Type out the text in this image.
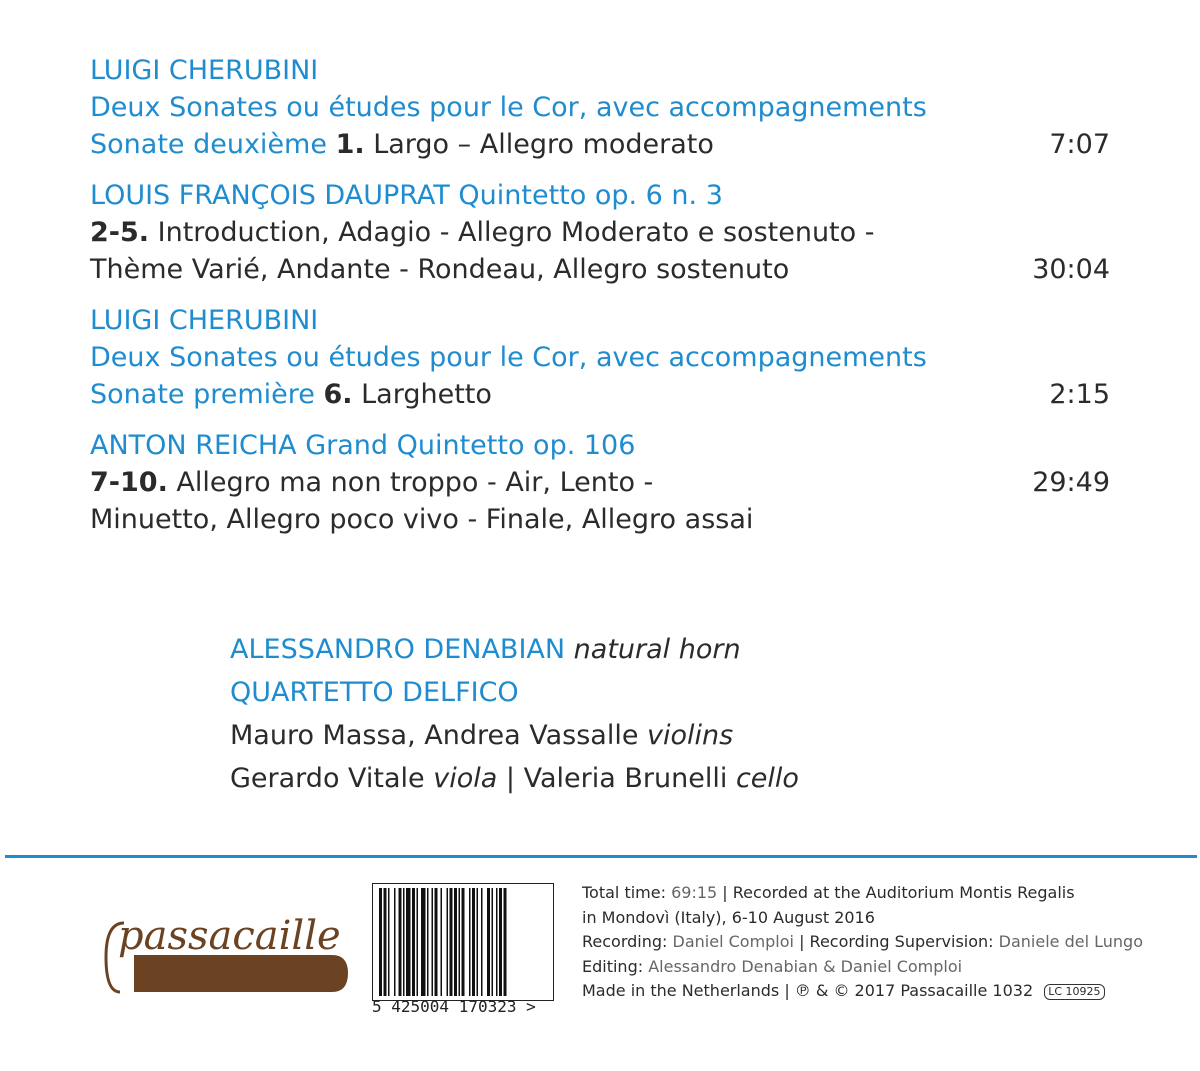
LUIGI CHERUBINI
Deux Sonates ou études pour le Cor, avec accompagnements
Sonate deuxième 1. Largo – Allegro moderato	7:07
LOUIS FRANÇOIS DAUPRAT Quintetto op. 6 n. 3
2-5. Introduction, Adagio - Allegro Moderato e sostenuto -
Thème Varié, Andante - Rondeau, Allegro sostenuto	30:04
LUIGI CHERUBINI
Deux Sonates ou études pour le Cor, avec accompagnements
Sonate première 6. Larghetto	2:15
ANTON REICHA Grand Quintetto op. 106
7-10. Allegro ma non troppo - Air, Lento -	29:49
Minuetto, Allegro poco vivo - Finale, Allegro assai
ALESSANDRO DENABIAN natural horn
QUARTETTO DELFICO
Mauro Massa, Andrea Vassalle violins
Gerardo Vitale viola | Valeria Brunelli cello
passacaille
5 425004 170323 >
Total time: 69:15 | Recorded at the Auditorium Montis Regalis
in Mondovì (Italy), 6-10 August 2016
Recording: Daniel Comploi | Recording Supervision: Daniele del Lungo
Editing: Alessandro Denabian & Daniel Comploi
Made in the Netherlands | ℗ & © 2017 Passacaille 1032 LC 10925
